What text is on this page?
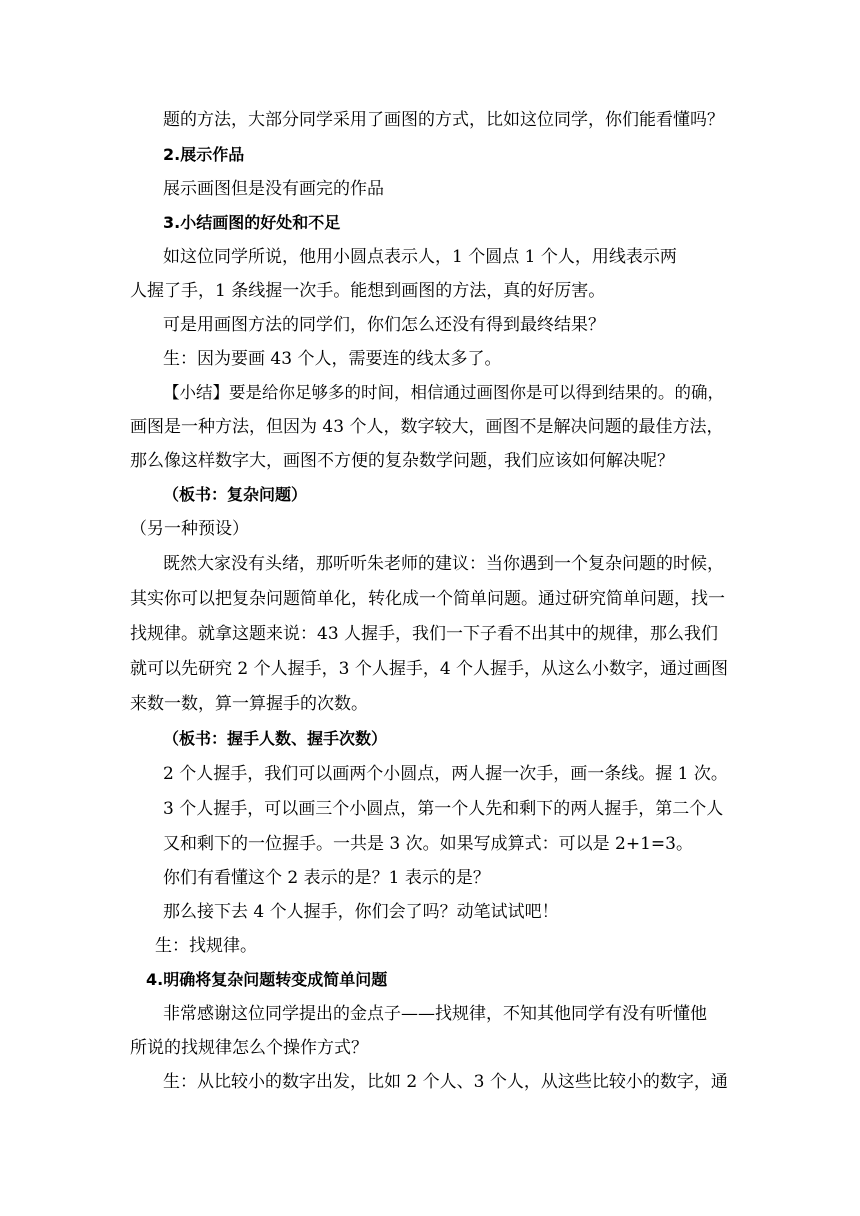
题的方法，大部分同学采用了画图的方式，比如这位同学，你们能看懂吗？
2.展示作品
展示画图但是没有画完的作品
3.小结画图的好处和不足
如这位同学所说，他用小圆点表示人，1 个圆点 1 个人，用线表示两
人握了手，1 条线握一次手。能想到画图的方法，真的好厉害。
可是用画图方法的同学们，你们怎么还没有得到最终结果？
生：因为要画 43 个人，需要连的线太多了。
【小结】要是给你足够多的时间，相信通过画图你是可以得到结果的。的确，
画图是一种方法，但因为 43 个人，数字较大，画图不是解决问题的最佳方法，
那么像这样数字大，画图不方便的复杂数学问题，我们应该如何解决呢？
（板书：复杂问题）
（另一种预设）
既然大家没有头绪，那听听朱老师的建议：当你遇到一个复杂问题的时候，
其实你可以把复杂问题简单化，转化成一个简单问题。通过研究简单问题，找一
找规律。就拿这题来说：43 人握手，我们一下子看不出其中的规律，那么我们
就可以先研究 2 个人握手，3 个人握手，4 个人握手，从这么小数字，通过画图
来数一数，算一算握手的次数。
（板书：握手人数、握手次数）
2 个人握手，我们可以画两个小圆点，两人握一次手，画一条线。握 1 次。
3 个人握手，可以画三个小圆点，第一个人先和剩下的两人握手，第二个人
又和剩下的一位握手。一共是 3 次。如果写成算式：可以是 2+1=3。
你们有看懂这个 2 表示的是？1 表示的是？
那么接下去 4 个人握手，你们会了吗？动笔试试吧！
生：找规律。
4.明确将复杂问题转变成简单问题
非常感谢这位同学提出的金点子——找规律，不知其他同学有没有听懂他
所说的找规律怎么个操作方式？
生：从比较小的数字出发，比如 2 个人、3 个人，从这些比较小的数字，通
